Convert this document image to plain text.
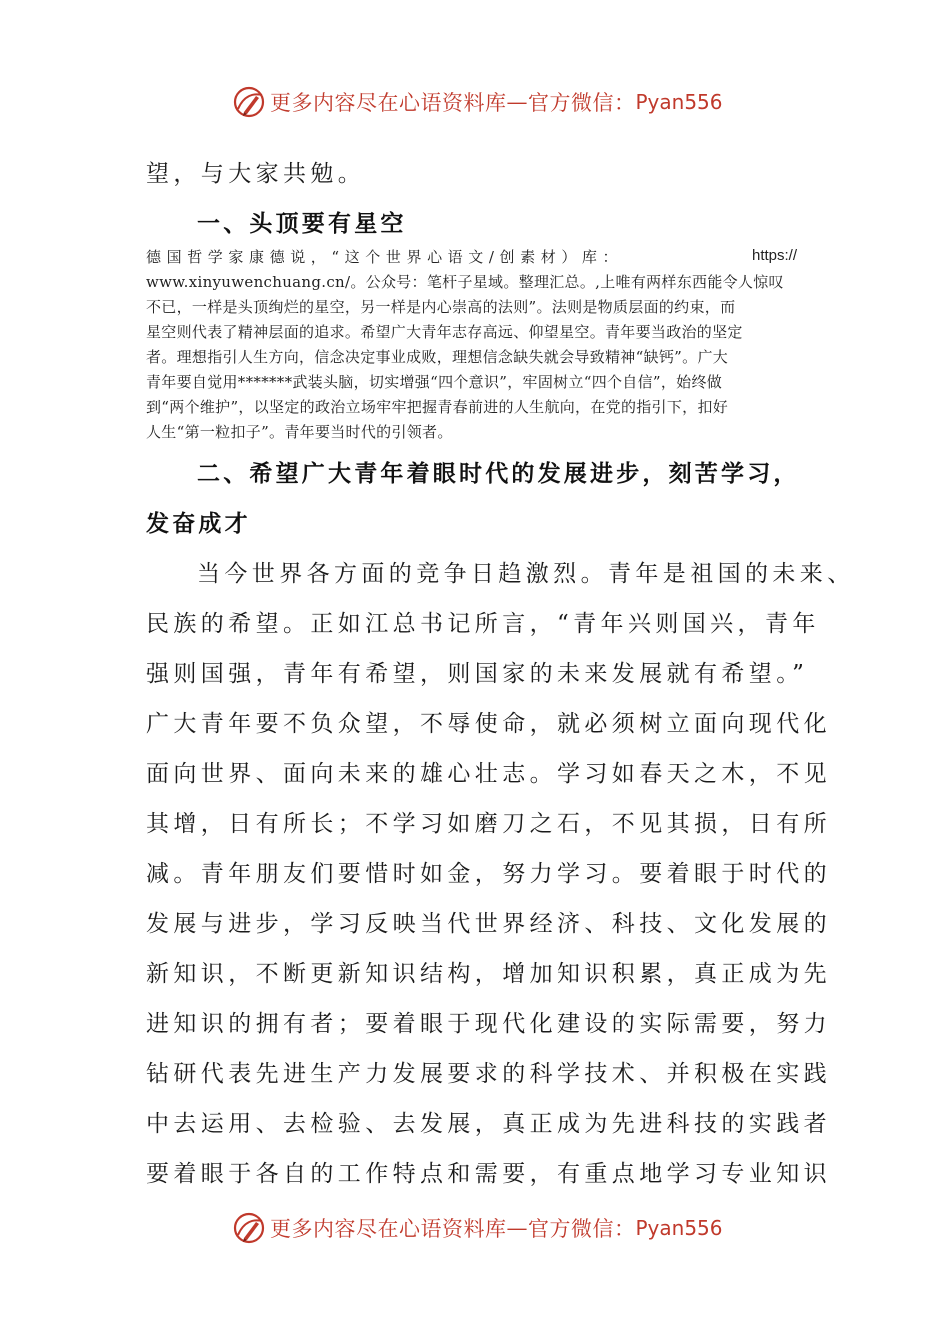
更多内容尽在心语资料库 — 官方微信： Pyan556
望，与大家共勉。
一、头顶要有星空
德国哲学家康德说，“这个世界心语文/创素材）库：	https://
www.xinyuwenchuang.cn/。公众号：笔杆子星域。整理汇总。,上唯有两样东西能令人惊叹
不已，一样是头顶绚烂的星空，另一样是内心崇高的法则”。法则是物质层面的约束，而
星空则代表了精神层面的追求。希望广大青年志存高远、仰望星空。青年要当政治的坚定
者。理想指引人生方向，信念决定事业成败，理想信念缺失就会导致精神“缺钙”。广大
青年要自觉用*******武装头脑，切实增强“四个意识”，牢固树立“四个自信”，始终做
到“两个维护”，以坚定的政治立场牢牢把握青春前进的人生航向，在党的指引下，扣好
人生“第一粒扣子”。青年要当时代的引领者。
二、希望广大青年着眼时代的发展进步，刻苦学习，
发奋成才
当今世界各方面的竞争日趋激烈。青年是祖国的未来、
民族的希望。正如江总书记所言，“青年兴则国兴，青年
强则国强，青年有希望，则国家的未来发展就有希望。”
广大青年要不负众望，不辱使命，就必须树立面向现代化
面向世界、面向未来的雄心壮志。学习如春天之木，不见
其增，日有所长；不学习如磨刀之石，不见其损，日有所
减。青年朋友们要惜时如金，努力学习。要着眼于时代的
发展与进步，学习反映当代世界经济、科技、文化发展的
新知识，不断更新知识结构，增加知识积累，真正成为先
进知识的拥有者；要着眼于现代化建设的实际需要，努力
钻研代表先进生产力发展要求的科学技术、并积极在实践
中去运用、去检验、去发展，真正成为先进科技的实践者
要着眼于各自的工作特点和需要，有重点地学习专业知识
更多内容尽在心语资料库 — 官方微信： Pyan556
